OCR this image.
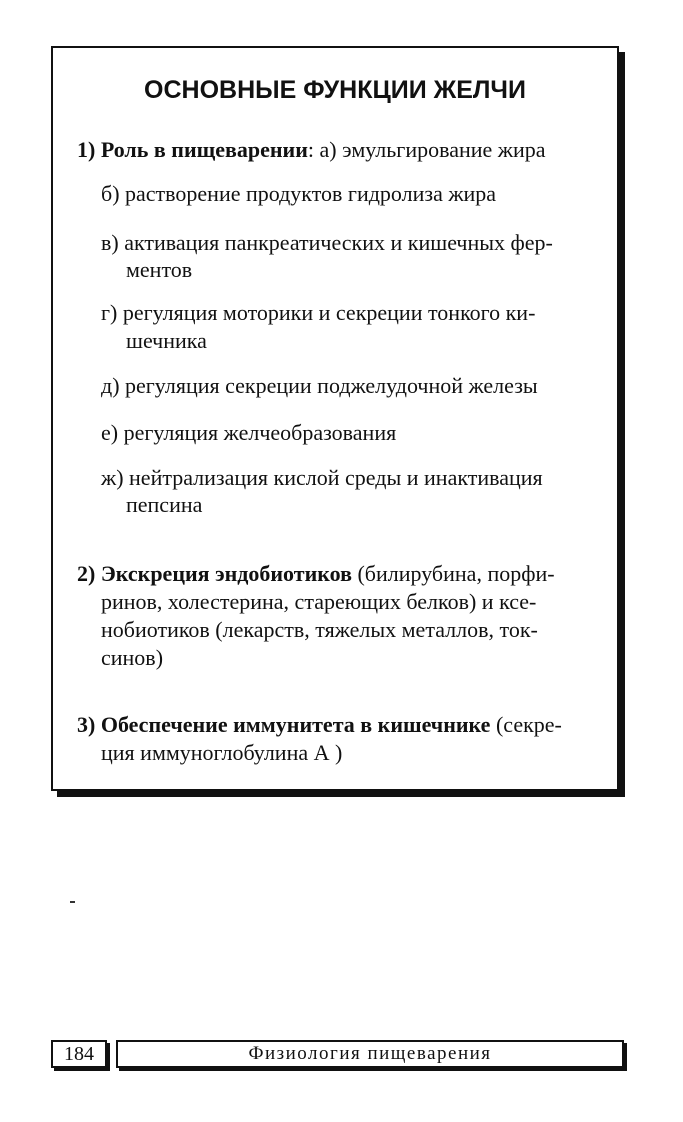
ОСНОВНЫЕ ФУНКЦИИ ЖЕЛЧИ
1) Роль в пищеварении: а) эмульгирование жира
б) растворение продуктов гидролиза жира
в) активация панкреатических и кишечных фер-
ментов
г) регуляция моторики и секреции тонкого ки-
шечника
д) регуляция секреции поджелудочной железы
е) регуляция желчеобразования
ж) нейтрализация кислой среды и инактивация
пепсина
2) Экскреция эндобиотиков (билирубина, порфи-
ринов, холестерина, стареющих белков) и ксе-
нобиотиков (лекарств, тяжелых металлов, ток-
синов)
3) Обеспечение иммунитета в кишечнике (секре-
ция иммуноглобулина А )
184	Физиология пищеварения
